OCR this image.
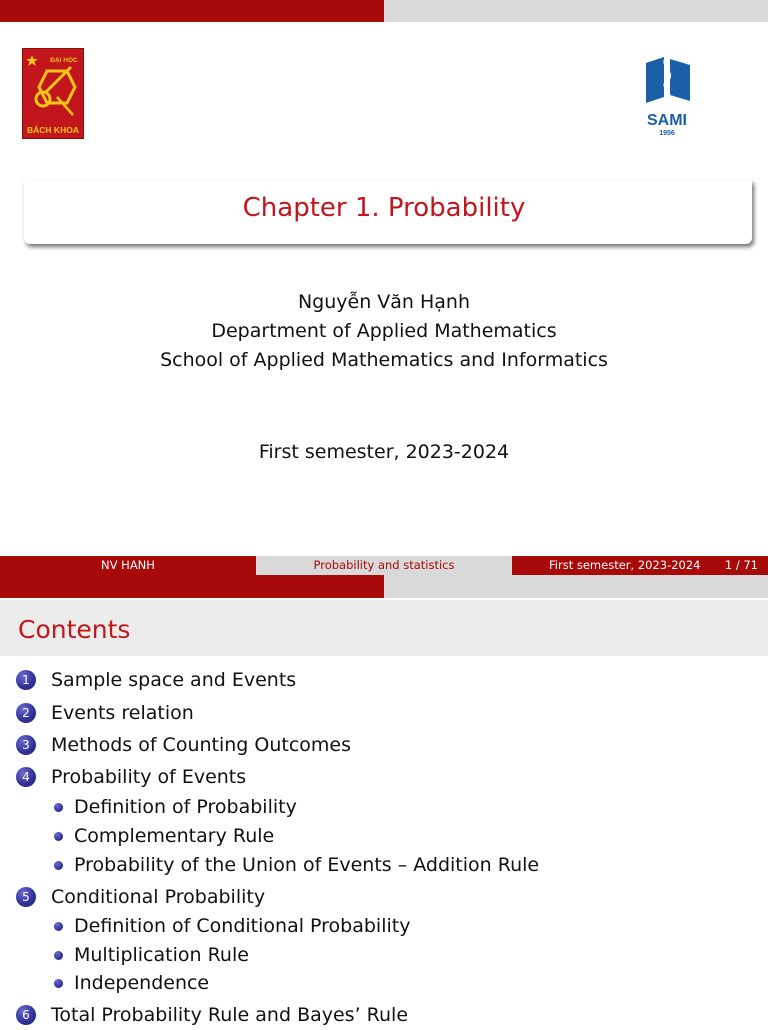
ĐẠI HỌC
BÁCH KHOA
SAMI
1956
Chapter 1. Probability
Nguyễn Văn Hạnh
Department of Applied Mathematics
School of Applied Mathematics and Informatics
First semester, 2023-2024
NV HANH	Probability and statistics	First semester, 2023-2024 1 / 71
Contents
1	Sample space and Events
2	Events relation
3	Methods of Counting Outcomes
4	Probability of Events
Definition of Probability
Complementary Rule
Probability of the Union of Events – Addition Rule
5	Conditional Probability
Definition of Conditional Probability
Multiplication Rule
Independence
6	Total Probability Rule and Bayes’ Rule
